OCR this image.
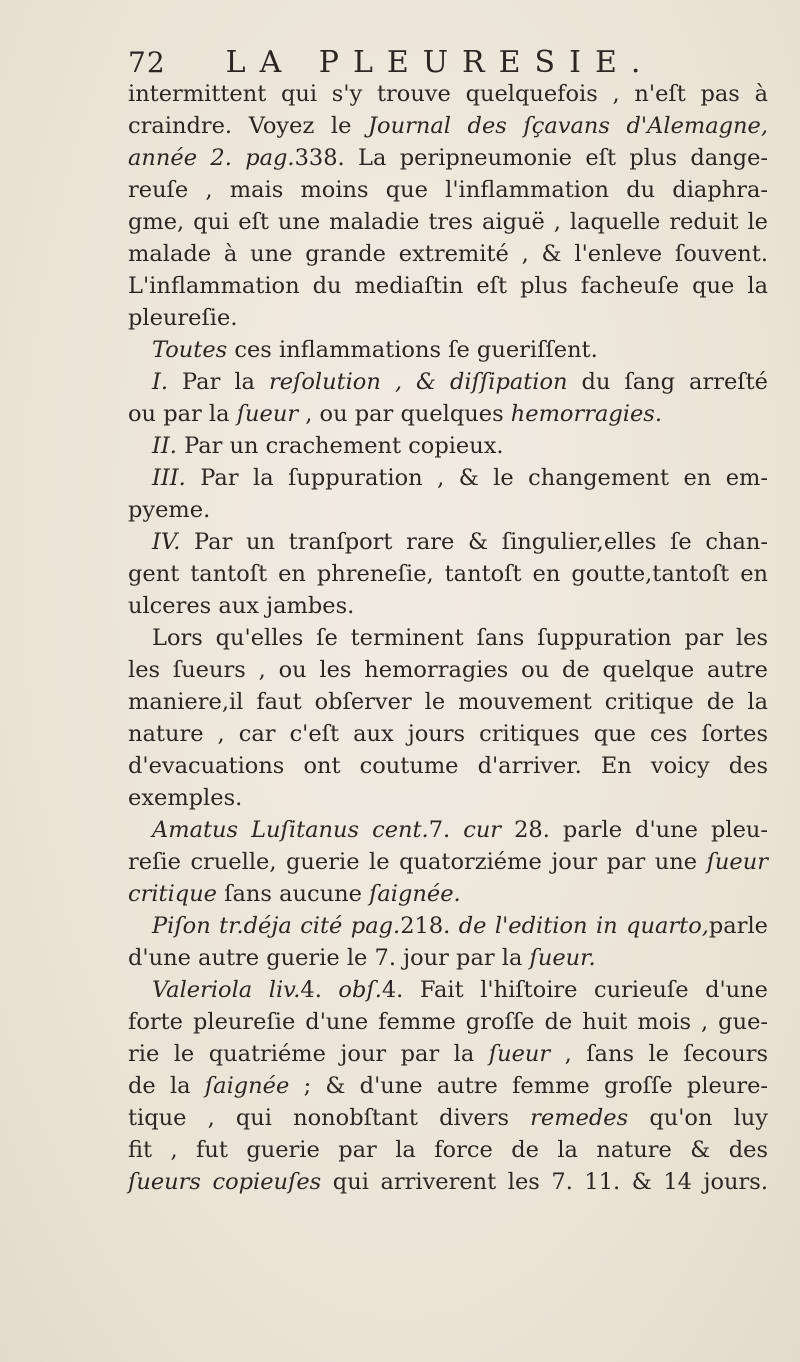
72 LA PLEURESIE.
intermittent qui s'y trouve quelquefois , n'eſt pas à
craindre. Voyez le Journal des ſçavans d'Alemagne,
année 2. pag.338. La peripneumonie eſt plus dange-
reuſe , mais moins que l'inflammation du diaphra-
gme, qui eſt une maladie tres aiguë , laquelle reduit le
malade à une grande extremité , & l'enleve ſouvent.
L'inflammation du mediaſtin eſt plus facheuſe que la
pleureſie.
Toutes ces inflammations ſe gueriſſent.
I. Par la reſolution , & diſſipation du ſang arreſté
ou par la ſueur , ou par quelques hemorragies.
II. Par un crachement copieux.
III. Par la ſuppuration , & le changement en em-
pyeme.
IV. Par un tranſport rare & ſingulier,elles ſe chan-
gent tantoſt en phreneſie, tantoſt en goutte,tantoſt en
ulceres aux jambes.
Lors qu'elles ſe terminent ſans ſuppuration par les
les ſueurs , ou les hemorragies ou de quelque autre
maniere,il faut obſerver le mouvement critique de la
nature , car c'eſt aux jours critiques que ces ſortes
d'evacuations ont coutume d'arriver. En voicy des
exemples.
Amatus Luſitanus cent.7. cur 28. parle d'une pleu-
reſie cruelle, guerie le quatorziéme jour par une ſueur
critique ſans aucune ſaignée.
Piſon tr.déja cité pag.218. de l'edition in quarto,parle
d'une autre guerie le 7. jour par la ſueur.
Valeriola liv.4. obſ.4. Fait l'hiſtoire curieuſe d'une
forte pleureſie d'une femme groſſe de huit mois , gue-
rie le quatriéme jour par la ſueur , ſans le ſecours
de la ſaignée ; & d'une autre femme groſſe pleure-
tique , qui nonobſtant divers remedes qu'on luy
fit , fut guerie par la force de la nature & des
ſueurs copieuſes qui arriverent les 7. 11. & 14 jours.
